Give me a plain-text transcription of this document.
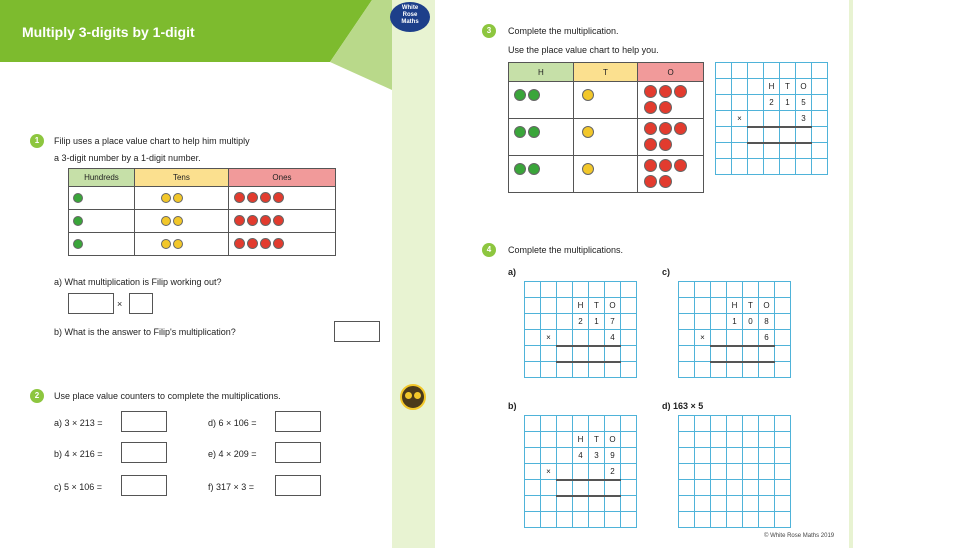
Multiply 3-digits by 1-digit
White
Rose
Maths
1	Filip uses a place value chart to help him multiply
a 3-digit number by a 1-digit number.
Hundreds	Tens	Ones

a) What multiplication is Filip working out?
×
b) What is the answer to Filip's multiplication?
2	Use place value counters to complete the multiplications.
a) 3 × 213 =	d) 6 × 106 =
b) 4 × 216 =	e) 4 × 209 =
c) 5 × 106 =	f) 317 × 3 =
3	Complete the multiplication.
Use the place value chart to help you.
H	T	O

			H	T	O	
			2	1	5	
	×				3	

4	Complete the multiplications.
a)

			H	T	O	
			2	1	7	
	×				4	

c)

			H	T	O	
			1	0	8	
	×				6	

b)

			H	T	O	
			4	3	9	
	×				2	

d) 163 × 5

© White Rose Maths 2019
